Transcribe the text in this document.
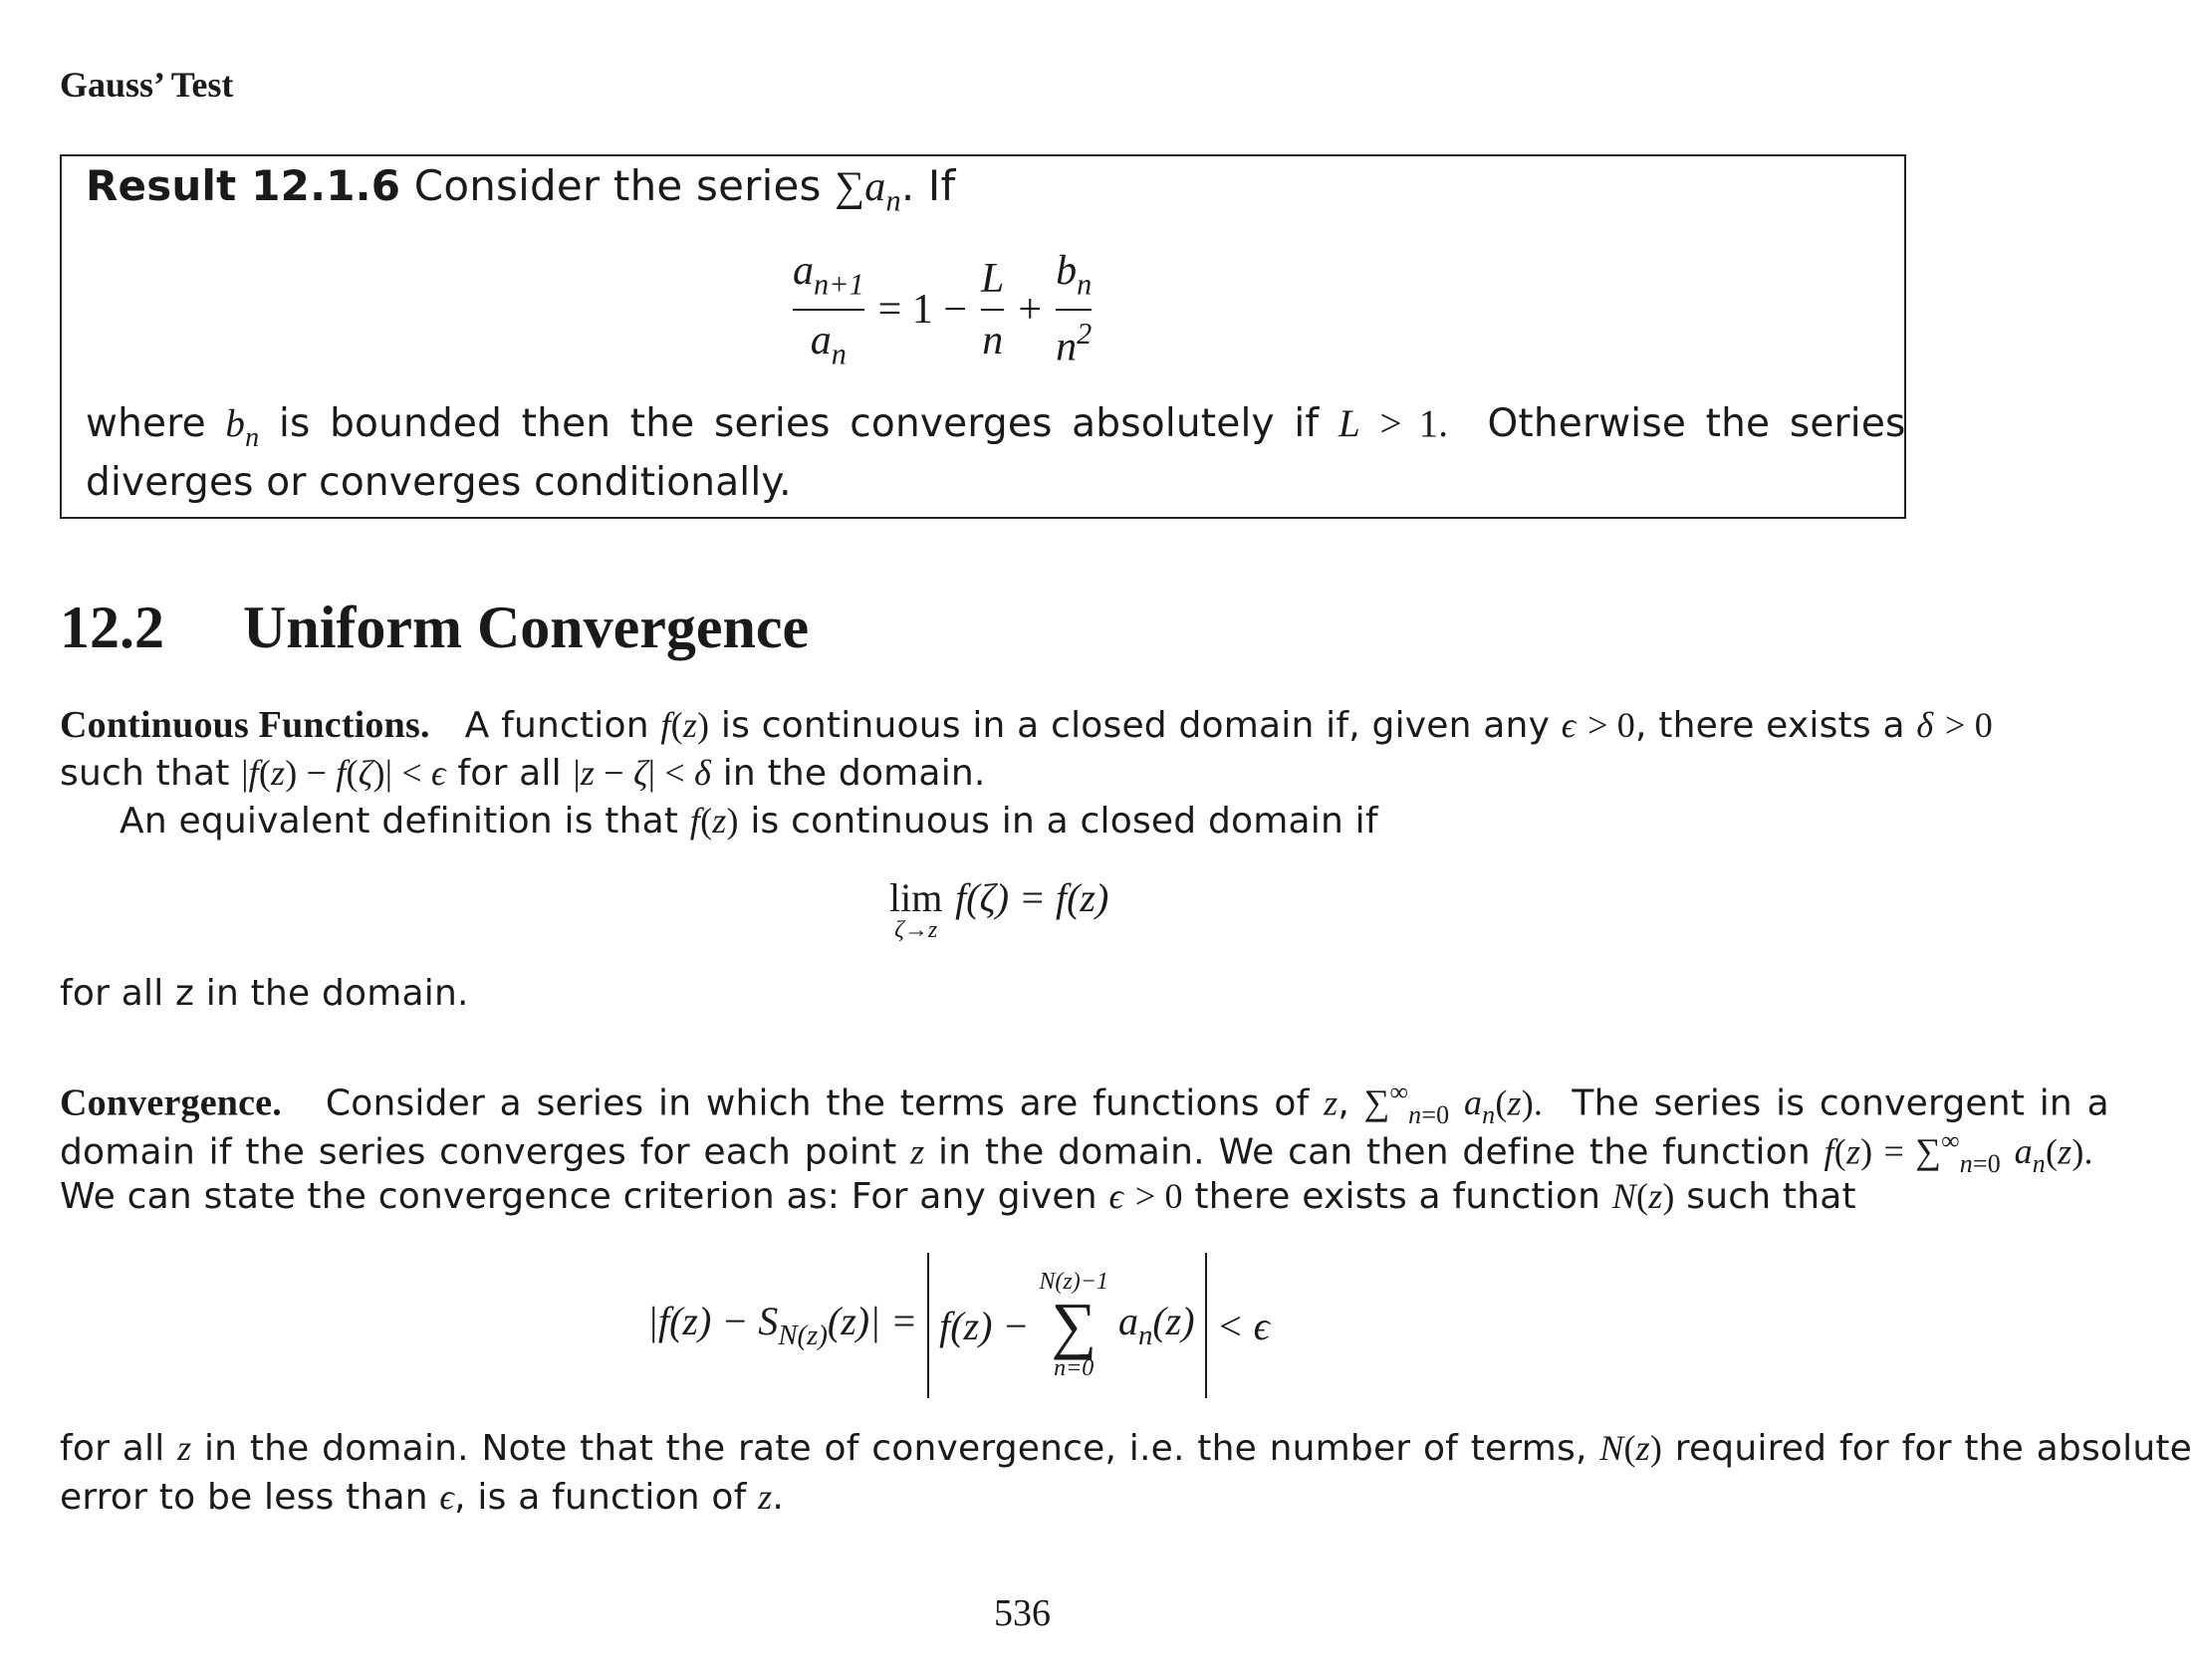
Gauss’ Test
Result 12.1.6 Consider the series $\sum a_n$. If
$\frac{a_{n+1}}{a_n} = 1 - \frac{L}{n} + \frac{b_n}{n^2}$
where $b_n$ is bounded then the series converges absolutely if L > 1. Otherwise the series
diverges or converges conditionally.
12.2 Uniform Convergence
Continuous Functions. A function f(z) is continuous in a closed domain if, given any ϵ > 0, there exists a δ > 0
such that |f(z) − f(ζ)| < ϵ for all |z − ζ| < δ in the domain.
An equivalent definition is that f(z) is continuous in a closed domain if
lim
ζ→z
f(ζ) = f(z)
for all z in the domain.
Convergence. Consider a series in which the terms are functions of z, $\sum^\infty_{n=0}$ $a_n(z)$. The series is convergent in a
domain if the series converges for each point z in the domain. We can then define the function $f(z) = \sum^\infty_{n=0}$ $a_n(z)$.
We can state the convergence criterion as: For any given ϵ > 0 there exists a function N(z) such that
$|f(z) - S_{N(z)}(z)| = f(z)$ −
N(z)−1
∑
n=0
$a_n(z) < \epsilon$
for all z in the domain. Note that the rate of convergence, i.e. the number of terms, N(z) required for for the absolute
error to be less than ϵ, is a function of z.
536
